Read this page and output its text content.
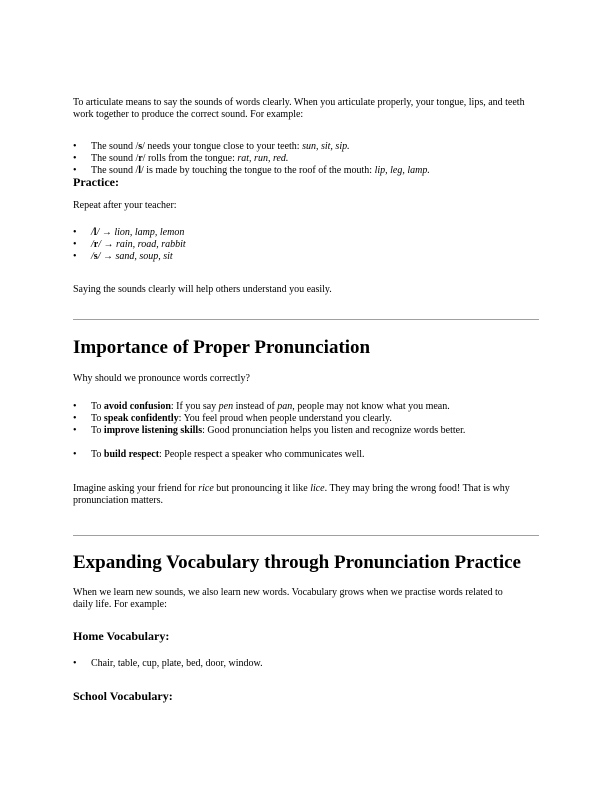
To articulate means to say the sounds of words clearly. When you articulate properly, your tongue, lips, and teeth work together to produce the correct sound. For example:
• The sound /s/ needs your tongue close to your teeth: sun, sit, sip.
• The sound /r/ rolls from the tongue: rat, run, red.
• The sound /l/ is made by touching the tongue to the roof of the mouth: lip, leg, lamp.
Practice:
Repeat after your teacher:
• /l/ → lion, lamp, lemon
• /r/ → rain, road, rabbit
• /s/ → sand, soup, sit
Saying the sounds clearly will help others understand you easily.
Importance of Proper Pronunciation
Why should we pronounce words correctly?
• To avoid confusion: If you say pen instead of pan, people may not know what you mean.
• To speak confidently: You feel proud when people understand you clearly.
• To improve listening skills: Good pronunciation helps you listen and recognize words better.
• To build respect: People respect a speaker who communicates well.
Imagine asking your friend for rice but pronouncing it like lice. They may bring the wrong food! That is why pronunciation matters.
Expanding Vocabulary through Pronunciation Practice
When we learn new sounds, we also learn new words. Vocabulary grows when we practise words related to daily life. For example:
Home Vocabulary:
• Chair, table, cup, plate, bed, door, window.
School Vocabulary:
